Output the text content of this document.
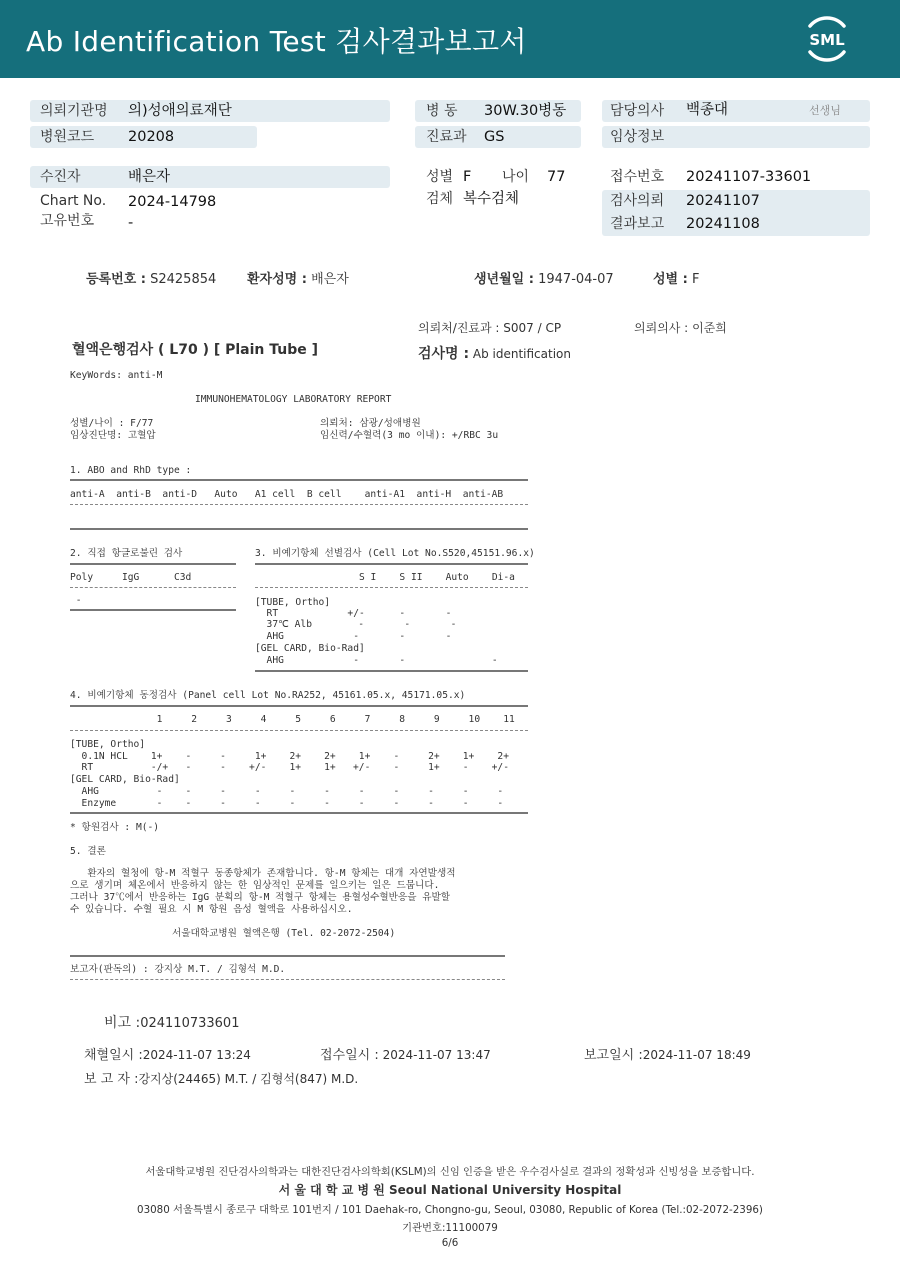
Ab Identification Test 검사결과보고서	SML
의뢰기관명 의)성애의료재단
병원코드 20208
병 동 30W.30병동
진료과 GS
담당의사 백종대	선생님
임상정보
수진자	배은자
Chart No. 2024-14798
고유번호 -
성별 F 나이 77
검체 복수검체
접수번호 20241107-33601
검사의뢰 20241107
결과보고 20241108
등록번호 : S2425854 환자성명 : 배은자	생년월일 : 1947-04-07	성별 : F
의뢰처/진료과 : S007 / CP	의뢰의사 : 이준희
혈액은행검사 ( L70 ) [ Plain Tube ]	검사명 : Ab identification
KeyWords: anti-M
IMMUNOHEMATOLOGY LABORATORY REPORT
성별/나이 : F/77
임상진단명: 고혈압
의뢰처: 삼광/성애병원
임신력/수혈력(3 mo 이내): +/RBC 3u
1. ABO and RhD type :
anti-A  anti-B  anti-D   Auto   A1 cell  B cell    anti-A1  anti-H  anti-AB
2. 직접 항글로불린 검사
Poly     IgG      C3d
-
3. 비예기항체 선별검사 (Cell Lot No.S520,45151.96.x)
S I    S II    Auto    Di-a
[TUBE, Ortho]
RT            +/-      -       -
37℃ Alb        -       -       -
AHG            -       -       -
[GEL CARD, Bio-Rad]
AHG            -       -               -
4. 비예기항체 동정검사 (Panel cell Lot No.RA252, 45161.05.x, 45171.05.x)
1     2     3     4     5     6     7     8     9     10    11
[TUBE, Ortho]
0.1N HCL    1+    -     -     1+    2+    2+    1+    -     2+    1+    2+
RT          -/+   -     -    +/-    1+    1+   +/-    -     1+    -    +/-
[GEL CARD, Bio-Rad]
AHG          -    -     -     -     -     -     -     -     -     -     -
Enzyme       -    -     -     -     -     -     -     -     -     -     -
* 항원검사 : M(-)
5. 결론
환자의 혈청에 항-M 적혈구 동종항체가 존재합니다. 항-M 항체는 대개 자연발생적
으로 생기며 체온에서 반응하지 않는 한 임상적인 문제를 일으키는 일은 드뭅니다.
그러나 37℃에서 반응하는 IgG 분획의 항-M 적혈구 항체는 용혈성수혈반응을 유발할
수 있습니다. 수혈 필요 시 M 항원 음성 혈액을 사용하십시오.
서울대학교병원 혈액은행 (Tel. 02-2072-2504)
보고자(판독의) : 강지상 M.T. / 김형석 M.D.
비고 :024110733601
채혈일시 :2024-11-07 13:24	접수일시 : 2024-11-07 13:47	보고일시 :2024-11-07 18:49
보 고 자 :강지상(24465) M.T. / 김형석(847) M.D.
서울대학교병원 진단검사의학과는 대한진단검사의학회(KSLM)의 신임 인증을 받은 우수검사실로 결과의 정확성과 신빙성을 보증합니다.
서 울 대 학 교 병 원 Seoul National University Hospital
03080 서울특별시 종로구 대학로 101번지 / 101 Daehak-ro, Chongno-gu, Seoul, 03080, Republic of Korea (Tel.:02-2072-2396)
기관번호:11100079
6/6
